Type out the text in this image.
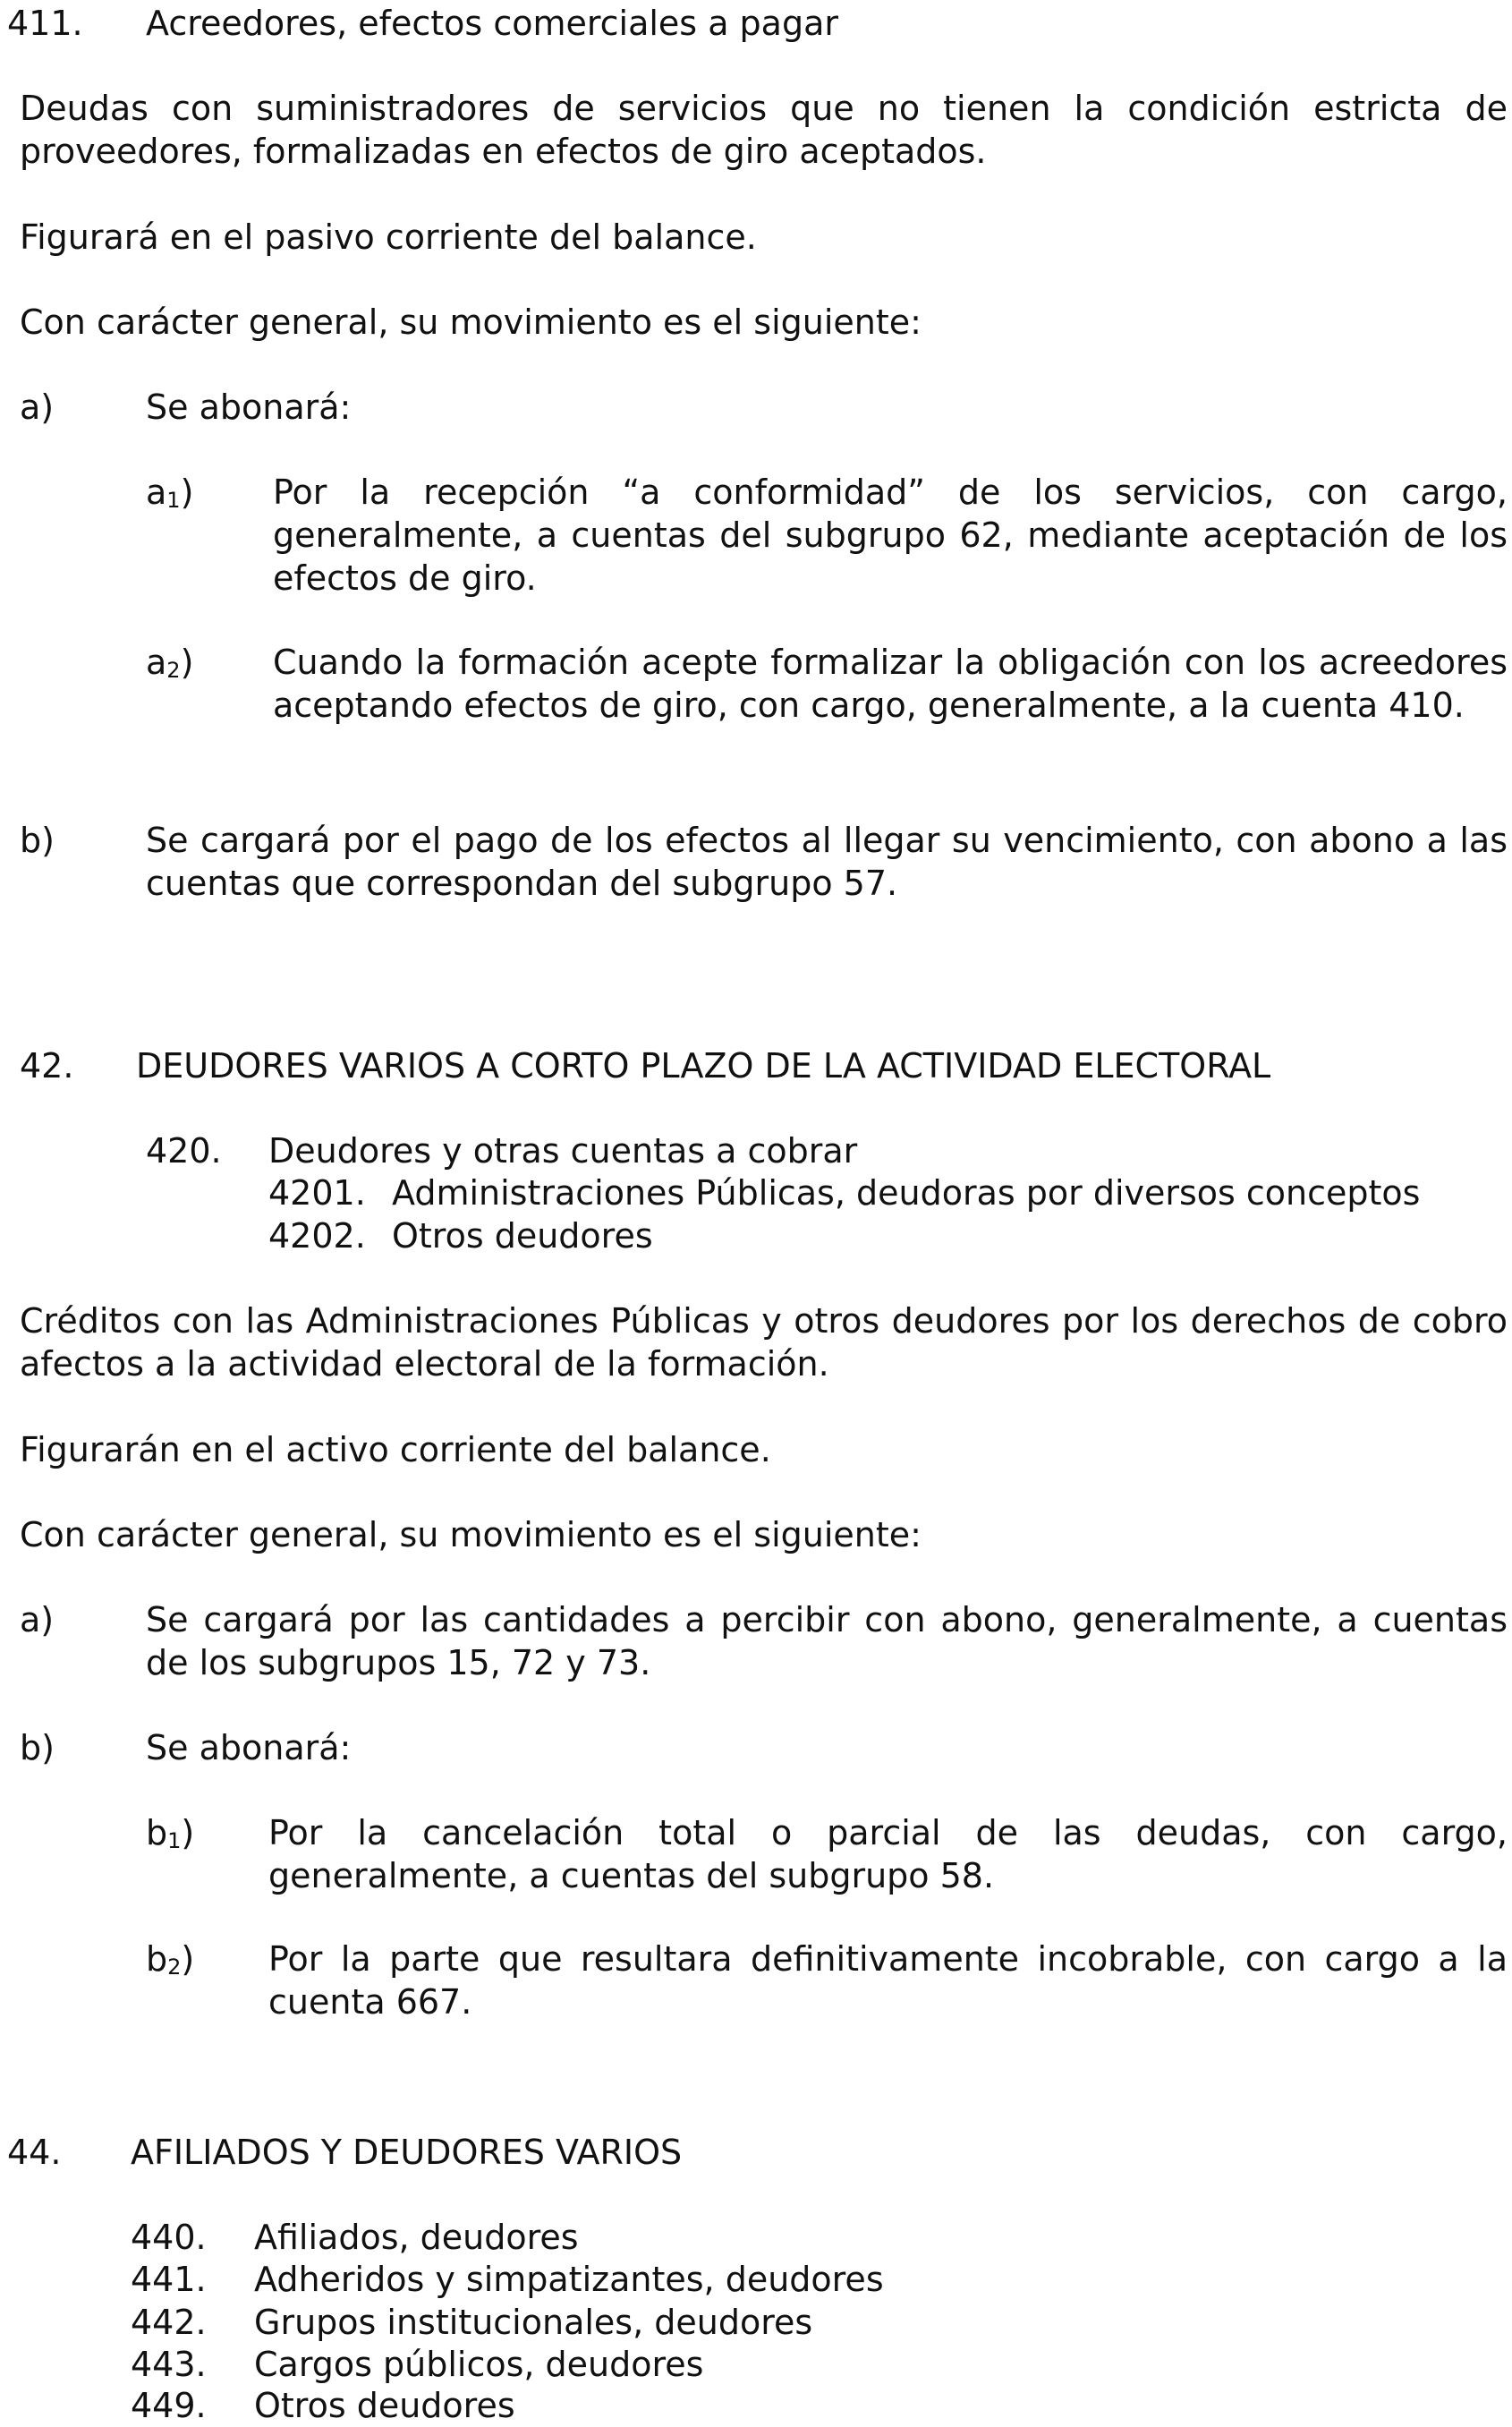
411. Acreedores, efectos comerciales a pagar
Deudas con suministradores de servicios que no tienen la condición estricta de
proveedores, formalizadas en efectos de giro aceptados.
Figurará en el pasivo corriente del balance.
Con carácter general, su movimiento es el siguiente:
a)	Se abonará:
$a_1$) Por la recepción “a conformidad” de los servicios, con cargo,
generalmente, a cuentas del subgrupo 62, mediante aceptación de los
efectos de giro.
$a_2$) Cuando la formación acepte formalizar la obligación con los acreedores
aceptando efectos de giro, con cargo, generalmente, a la cuenta 410.
b)	Se cargará por el pago de los efectos al llegar su vencimiento, con abono a las
cuentas que correspondan del subgrupo 57.
42. DEUDORES VARIOS A CORTO PLAZO DE LA ACTIVIDAD ELECTORAL
420. Deudores y otras cuentas a cobrar
4201. Administraciones Públicas, deudoras por diversos conceptos
4202. Otros deudores
Créditos con las Administraciones Públicas y otros deudores por los derechos de cobro
afectos a la actividad electoral de la formación.
Figurarán en el activo corriente del balance.
Con carácter general, su movimiento es el siguiente:
a)	Se cargará por las cantidades a percibir con abono, generalmente, a cuentas
de los subgrupos 15, 72 y 73.
b)	Se abonará:
$b_1$) Por la cancelación total o parcial de las deudas, con cargo,
generalmente, a cuentas del subgrupo 58.
$b_2$) Por la parte que resultara definitivamente incobrable, con cargo a la
cuenta 667.
44. AFILIADOS Y DEUDORES VARIOS
440. Afiliados, deudores
441. Adheridos y simpatizantes, deudores
442. Grupos institucionales, deudores
443. Cargos públicos, deudores
449. Otros deudores
